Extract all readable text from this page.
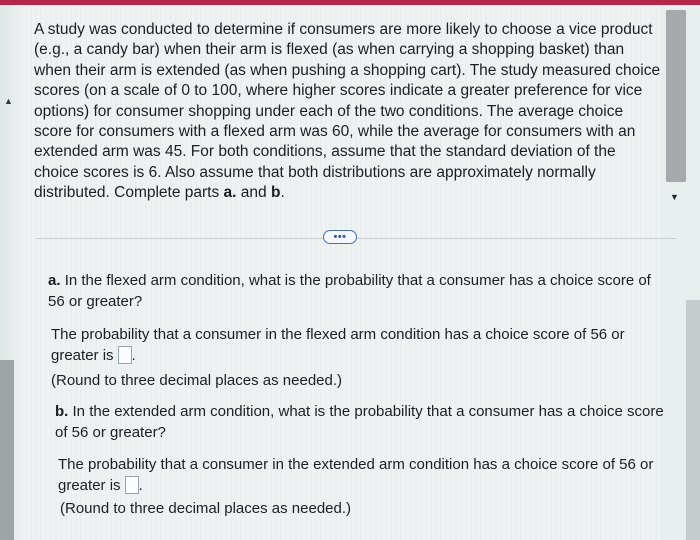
▲
▼

A study was conducted to determine if consumers are more likely to choose a vice product (e.g., a candy bar) when their arm is flexed (as when carrying a shopping basket) than when their arm is extended (as when pushing a shopping cart). The study measured choice scores (on a scale of 0 to 100, where higher scores indicate a greater preference for vice options) for consumer shopping under each of the two conditions. The average choice score for consumers with a flexed arm was 60, while the average for consumers with an extended arm was 45. For both conditions, assume that the standard deviation of the choice scores is 6. Also assume that both distributions are approximately normally distributed. Complete parts a. and b.

•••

a. In the flexed arm condition, what is the probability that a consumer has a choice score of 56 or greater?

The probability that a consumer in the flexed arm condition has a choice score of 56 or greater is .

(Round to three decimal places as needed.)

b. In the extended arm condition, what is the probability that a consumer has a choice score of 56 or greater?

The probability that a consumer in the extended arm condition has a choice score of 56 or greater is .

(Round to three decimal places as needed.)
